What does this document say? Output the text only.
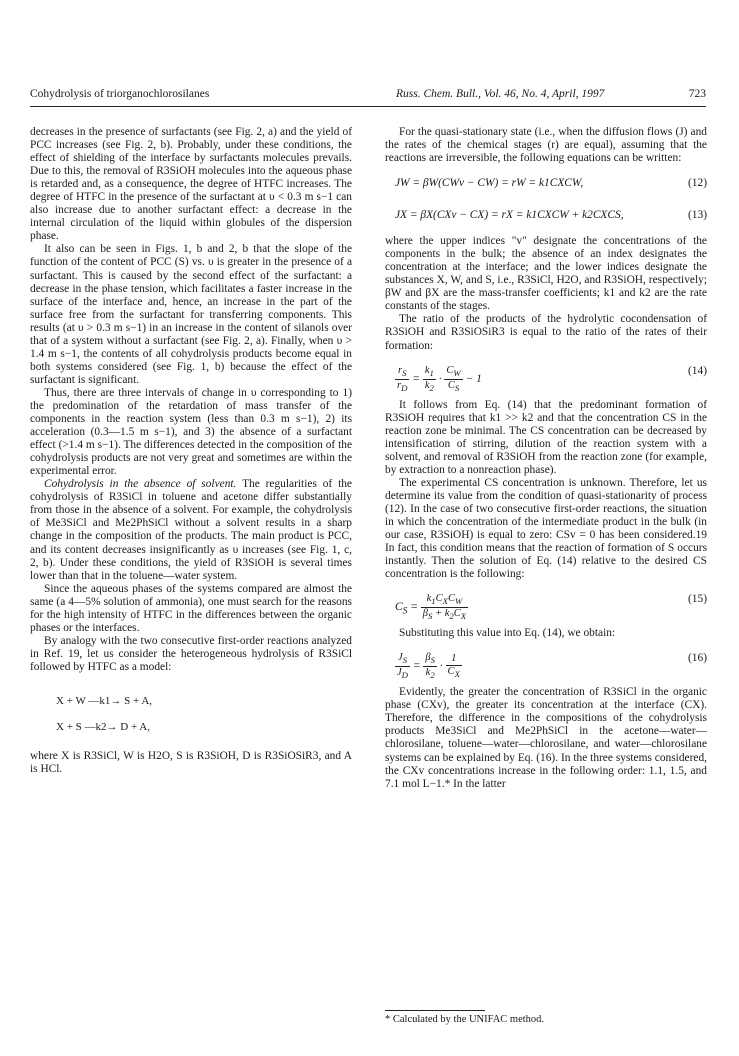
Cohydrolysis of triorganochlorosilanes	Russ. Chem. Bull., Vol. 46, No. 4, April, 1997	723

decreases in the presence of surfactants (see Fig. 2, a) and the yield of PCC increases (see Fig. 2, b). Probably, under these conditions, the effect of shielding of the interface by surfactants molecules prevails. Due to this, the removal of R3SiOH molecules into the aqueous phase is retarded and, as a consequence, the degree of HTFC increases. The degree of HTFC in the presence of the surfactant at υ < 0.3 m s−1 can also increase due to another surfactant effect: a decrease in the internal circulation of the liquid within globules of the dispersion phase.

It also can be seen in Figs. 1, b and 2, b that the slope of the function of the content of PCC (S) vs. υ is greater in the presence of a surfactant. This is caused by the second effect of the surfactant: a decrease in the phase tension, which facilitates a faster increase in the surface of the interface and, hence, an increase in the part of the surface free from the surfactant for transferring components. This results (at υ > 0.3 m s−1) in an increase in the content of silanols over that of a system without a surfactant (see Fig. 2, a). Finally, when υ > 1.4 m s−1, the contents of all cohydrolysis products become equal in both systems considered (see Fig. 1, b) because the effect of the surfactant is significant.

Thus, there are three intervals of change in υ corresponding to 1) the predomination of the retardation of mass transfer of the components in the reaction system (less than 0.3 m s−1), 2) its acceleration (0.3—1.5 m s−1), and 3) the absence of a surfactant effect (>1.4 m s−1). The differences detected in the composition of the cohydrolysis products are not very great and sometimes are within the experimental error.

Cohydrolysis in the absence of solvent. The regularities of the cohydrolysis of R3SiCl in toluene and acetone differ substantially from those in the absence of a solvent. For example, the cohydrolysis of Me3SiCl and Me2PhSiCl without a solvent results in a sharp change in the composition of the products. The main product is PCC, and its content decreases insignificantly as υ increases (see Fig. 1, c, 2, b). Under these conditions, the yield of R3SiOH is several times lower than that in the toluene—water system.

Since the aqueous phases of the systems compared are almost the same (a 4—5% solution of ammonia), one must search for the reasons for the high intensity of HTFC in the differences between the organic phases or the interfaces.

By analogy with the two consecutive first-order reactions analyzed in Ref. 19, let us consider the heterogeneous hydrolysis of R3SiCl followed by HTFC as a model:

X + W —k1→ S + A,
X + S —k2→ D + A,

where X is R3SiCl, W is H2O, S is R3SiOH, D is R3SiOSiR3, and A is HCl.

For the quasi-stationary state (i.e., when the diffusion flows (J) and the rates of the chemical stages (r) are equal), assuming that the reactions are irreversible, the following equations can be written:

JW = βW(CWv − CW) = rW = k1CXCW,	(12)
JX = βX(CXv − CX) = rX = k1CXCW + k2CXCS,	(13)

where the upper indices "v" designate the concentrations of the components in the bulk; the absence of an index designates the concentration at the interface; and the lower indices designate the substances X, W, and S, i.e., R3SiCl, H2O, and R3SiOH, respectively; βW and βX are the mass-transfer coefficients; k1 and k2 are the rate constants of the stages.

The ratio of the products of the hydrolytic cocondensation of R3SiOH and R3SiOSiR3 is equal to the ratio of the rates of their formation:

$\frac{r_S}{r_D} = \frac{k_1}{k_2} \cdot \frac{C_W}{C_S} - 1$
(14)

It follows from Eq. (14) that the predominant formation of R3SiOH requires that k1 >> k2 and that the concentration CS in the reaction zone be minimal. The CS concentration can be decreased by intensification of stirring, dilution of the reaction system with a solvent, and removal of R3SiOH from the reaction zone (for example, by extraction to a nonreaction phase).

The experimental CS concentration is unknown. Therefore, let us determine its value from the condition of quasi-stationarity of process (12). In the case of two consecutive first-order reactions, the situation in which the concentration of the intermediate product in the bulk (in our case, R3SiOH) is equal to zero: CSv = 0 has been considered.19 In fact, this condition means that the reaction of formation of S occurs instantly. Then the solution of Eq. (14) relative to the desired CS concentration is the following:

$C_S = \frac{k_1C_XC_W}{\beta_S + k_2C_X}$	(15)

Substituting this value into Eq. (14), we obtain:

$\frac{J_S}{J_D} = \frac{\beta_S}{k_2} \cdot \frac{1}{C_X}$	(16)

Evidently, the greater the concentration of R3SiCl in the organic phase (CXv), the greater its concentration at the interface (CX). Therefore, the difference in the compositions of the cohydrolysis products Me3SiCl and Me2PhSiCl in the acetone—water—chlorosilane, toluene—water—chlorosilane, and water—chlorosilane systems can be explained by Eq. (16). In the three systems considered, the CXv concentrations increase in the following order: 1.1, 1.5, and 7.1 mol L−1.* In the latter

* Calculated by the UNIFAC method.
